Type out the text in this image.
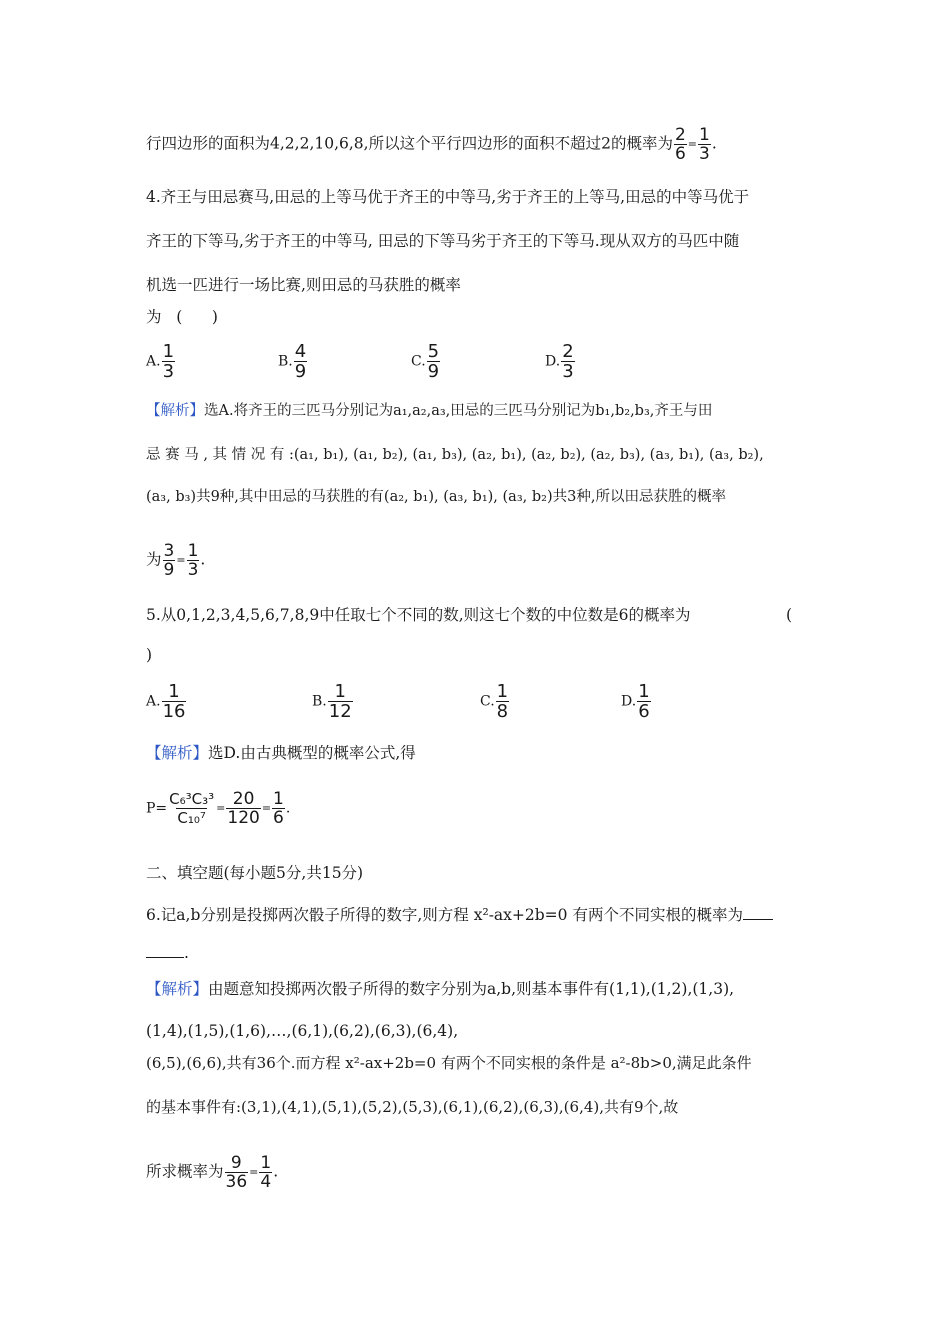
行四边形的面积为4,2,2,10,6,8,所以这个平行四边形的面积不超过2的概率为 $\frac{2}{6} = \frac{1}{3}$ .
4.齐王与田忌赛马,田忌的上等马优于齐王的中等马,劣于齐王的上等马,田忌的中等马优于
齐王的下等马,劣于齐王的中等马, 田忌的下等马劣于齐王的下等马.现从双方的马匹中随
机选一匹进行一场比赛,则田忌的马获胜的概率
为   (      )
A. $\frac{1}{3}$	B. $\frac{4}{9}$	C. $\frac{5}{9}$	D. $\frac{2}{3}$
【解析】选A.将齐王的三匹马分别记为a₁,a₂,a₃,田忌的三匹马分别记为b₁,b₂,b₃,齐王与田
忌 赛 马 , 其 情 况 有 :(a₁, b₁), (a₁, b₂), (a₁, b₃), (a₂, b₁), (a₂, b₂), (a₂, b₃), (a₃, b₁), (a₃, b₂),
(a₃, b₃)共9种,其中田忌的马获胜的有(a₂, b₁), (a₃, b₁), (a₃, b₂)共3种,所以田忌获胜的概率
为 $\frac{3}{9} = \frac{1}{3}$ .
5.从0,1,2,3,4,5,6,7,8,9中任取七个不同的数,则这七个数的中位数是6的概率为	(
)
A. $\frac{1}{16}$	B. $\frac{1}{12}$	C. $\frac{1}{8}$	D. $\frac{1}{6}$
【解析】选D.由古典概型的概率公式,得
$P= \frac{\text{C₆³C₃³}}{\text{C₁₀⁷}} = \frac{20}{120} = \frac{1}{6}$ .
二、填空题(每小题5分,共15分)
6.记a,b分别是投掷两次骰子所得的数字,则方程 x²-ax+2b=0 有两个不同实根的概率为
.
【解析】由题意知投掷两次骰子所得的数字分别为a,b,则基本事件有(1,1),(1,2),(1,3),
(1,4),(1,5),(1,6),…,(6,1),(6,2),(6,3),(6,4),
(6,5),(6,6),共有36个.而方程 x²-ax+2b=0 有两个不同实根的条件是 a²-8b>0,满足此条件
的基本事件有:(3,1),(4,1),(5,1),(5,2),(5,3),(6,1),(6,2),(6,3),(6,4),共有9个,故
所求概率为 $\frac{9}{36} = \frac{1}{4}$ .
